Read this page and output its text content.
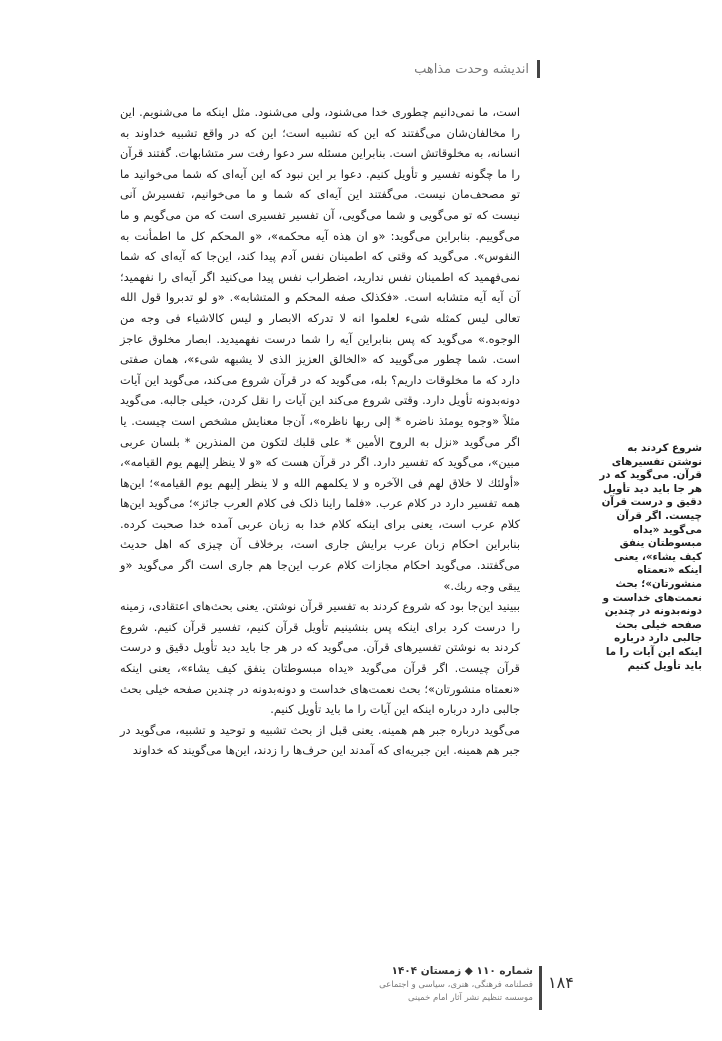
اندیشه وحدت مذاهب

است، ما نمی‌دانیم چطوری خدا می‌شنود، ولی می‌شنود. مثل اینکه ما می‌شنویم. این را مخالفان‌شان می‌گفتند که این که تشبیه است؛ این که در واقع تشبیه خداوند به انسانه، به مخلوقاتش است. بنابراین مسئله سر دعوا رفت سر متشابهات. گفتند قرآن را ما چگونه تفسیر و تأویل کنیم. دعوا بر این نبود که این آیه‌ای که شما می‌خوانید ما تو مصحف‌مان نیست. می‌گفتند این آیه‌ای که شما و ما می‌خوانیم، تفسیرش آنی نیست که تو می‌گویی و شما می‌گویی، آن تفسیر تفسیری است که من می‌گویم و ما می‌گوییم. بنابراین می‌گوید: «و ان هذه آیه محکمه»، «و المحکم کل ما اطمأنت به النفوس». می‌گوید که وقتی که اطمینان نفس آدم پیدا کند، این‌جا که آیه‌ای که شما نمی‌فهمید که اطمینان نفس ندارید، اضطراب نفس پیدا می‌کنید اگر آیه‌ای را نفهمید؛ آن آیه آیه متشابه است. «فکذلک صفه المحکم و المتشابه». «و لو تدبروا قول الله تعالی لیس کمثله شیء لعلموا انه لا تدرکه الابصار و لیس کالاشیاء فی وجه من الوجوه.» می‌گوید که پس بنابراین آیه را شما درست نفهمیدید. ابصار مخلوق عاجز است. شما چطور می‌گویید که «الخالق العزیز الذی لا یشبهه شیء»، همان صفتی دارد که ما مخلوقات داریم؟ بله، می‌گوید که در قرآن شروع می‌کند، می‌گوید این آیات دونه‌بدونه تأویل دارد. وقتی شروع می‌کند این آیات را نقل کردن، خیلی جالبه. می‌گوید مثلاً «وجوه یومئذ ناضره * إلی ربها ناظره»، آن‌جا معنایش مشخص است چیست. یا اگر می‌گوید «نزل به الروح الأمین * علی قلبك لتكون من المنذرین * بلسان عربی مبین»، می‌گوید که تفسیر دارد. اگر در قرآن هست که «و لا ینظر إلیهم یوم القیامه»، «أولئك لا خلاق لهم فی الآخره و لا یكلمهم الله و لا ینظر إلیهم یوم القیامه»؛ این‌ها همه تفسیر دارد در کلام عرب. «فلما راینا ذلک فی کلام العرب جائز»؛ می‌گوید این‌ها کلام عرب است، یعنی برای اینکه کلام خدا به زبان عربی آمده خدا صحبت کرده. بنابراین احکام زبان عرب برایش جاری است، برخلاف آن چیزی که اهل حدیث می‌گفتند. می‌گوید احکام مجازات کلام عرب این‌جا هم جاری است اگر می‌گوید «و یبقی وجه ربك.»

ببینید این‌جا بود که شروع کردند به تفسیر قرآن نوشتن. یعنی بحث‌های اعتقادی، زمینه را درست کرد برای اینکه پس بنشینیم تأویل قرآن کنیم، تفسیر قرآن کنیم. شروع کردند به نوشتن تفسیرهای قرآن. می‌گوید که در هر جا باید دید تأویل دقیق و درست قرآن چیست. اگر قرآن می‌گوید «یداه مبسوطتان ینفق کیف یشاء»، یعنی اینکه «نعمتاه منشورتان»؛ بحث نعمت‌های خداست و دونه‌بدونه در چندین صفحه خیلی بحث جالبی دارد درباره اینکه این آیات را ما باید تأویل کنیم.

می‌گوید درباره جبر هم همینه. یعنی قبل از بحث تشبیه و توحید و تشبیه، می‌گوید در جبر هم همینه. این جبریه‌ای که آمدند این حرف‌ها را زدند، این‌ها می‌گویند که خداوند

شروع کردند به نوشتن تفسیرهای قرآن. می‌گوید که در هر جا باید دید تأویل دقیق و درست قرآن چیست. اگر قرآن می‌گوید «یداه مبسوطتان ینفق کیف یشاء»، یعنی اینکه «نعمتاه منشورتان»؛ بحث نعمت‌های خداست و دونه‌بدونه در چندین صفحه خیلی بحث جالبی دارد درباره اینکه این آیات را ما باید تأویل کنیم
شماره ۱۱۰ ◆ زمستان ۱۴۰۴
فصلنامه فرهنگی، هنری، سیاسی و اجتماعی
موسسه تنظیم نشر آثار امام خمینی
۱۸۴
